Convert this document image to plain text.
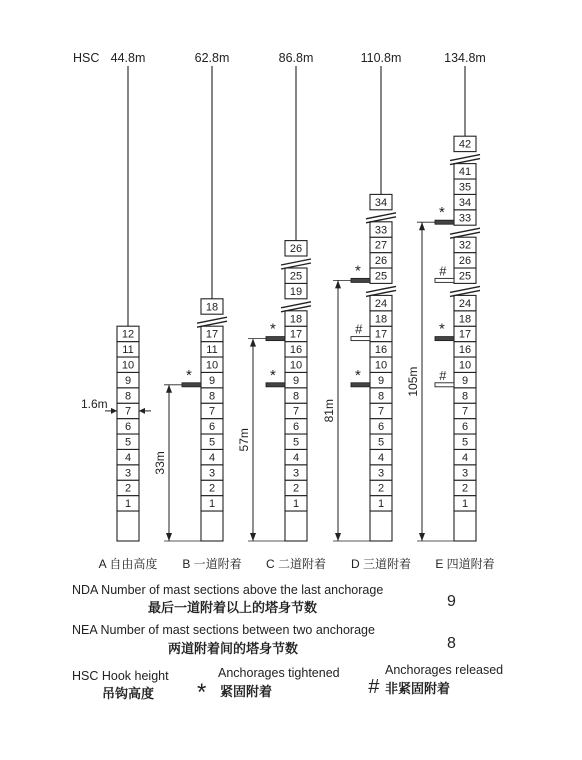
HSC
1
2
3
4
5
6
7
8
9
10
11
12
44.8m
A 自由高度
1.6m
1
2
3
4
5
6
7
8
9
10
11
17
18
62.8m
B 一道附着
*
33m
1
2
3
4
5
6
7
8
9
10
16
17
18
19
25
26
86.8m
C 二道附着
*
*
57m
1
2
3
4
5
6
7
8
9
10
16
17
18
24
25
26
27
33
34
110.8m
D 三道附着
*
#
*
81m
1
2
3
4
5
6
7
8
9
10
16
17
18
24
25
26
32
33
34
35
41
42
134.8m
E 四道附着
*
#
*
#
105m
NDA Number of mast sections above the last anchorage
最后一道附着以上的塔身节数	9
NEA Number of mast sections between two anchorage
两道附着间的塔身节数	8
HSC Hook height
吊钩高度 *
Anchorages tightened
紧固附着	#
Anchorages released
非紧固附着
